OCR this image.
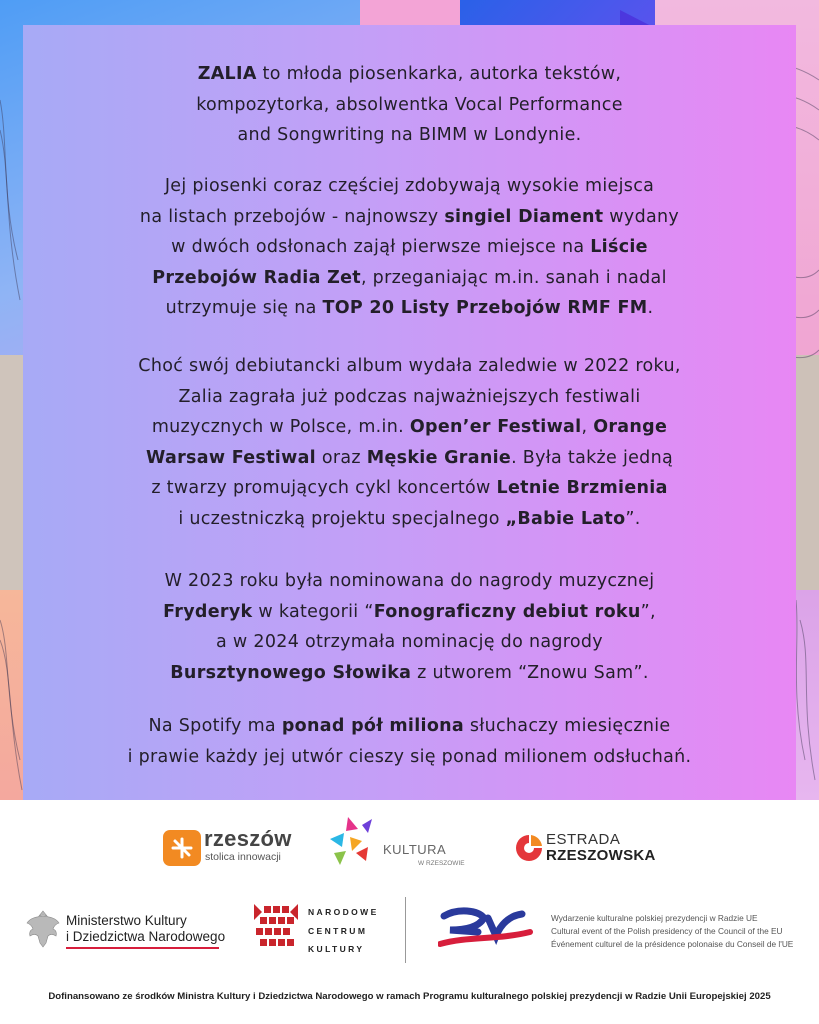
ZALIA to młoda piosenkarka, autorka tekstów,
kompozytorka, absolwentka Vocal Performance
and Songwriting na BIMM w Londynie.
Jej piosenki coraz częściej zdobywają wysokie miejsca
na listach przebojów - najnowszy singiel Diament wydany
w dwóch odsłonach zajął pierwsze miejsce na Liście
Przebojów Radia Zet, przeganiając m.in. sanah i nadal
utrzymuje się na TOP 20 Listy Przebojów RMF FM.
Choć swój debiutancki album wydała zaledwie w 2022 roku,
Zalia zagrała już podczas najważniejszych festiwali
muzycznych w Polsce, m.in. Open’er Festiwal, Orange
Warsaw Festiwal oraz Męskie Granie. Była także jedną
z twarzy promujących cykl koncertów Letnie Brzmienia
i uczestniczką projektu specjalnego „Babie Lato”.
W 2023 roku była nominowana do nagrody muzycznej
Fryderyk w kategorii “Fonograficzny debiut roku”,
a w 2024 otrzymała nominację do nagrody
Bursztynowego Słowika z utworem “Znowu Sam”.
Na Spotify ma ponad pół miliona słuchaczy miesięcznie
i prawie każdy jej utwór cieszy się ponad milionem odsłuchań.
rzeszów
stolica innowacji	KULTURA
W RZESZOWIE
ESTRADA
RZESZOWSKA
Ministerstwo Kultury
i Dziedzictwa Narodowego
NARODOWE
CENTRUM
KULTURY
Wydarzenie kulturalne polskiej prezydencji w Radzie UE
Cultural event of the Polish presidency of the Council of the EU
Événement culturel de la présidence polonaise du Conseil de l'UE
Dofinansowano ze środków Ministra Kultury i Dziedzictwa Narodowego w ramach Programu kulturalnego polskiej prezydencji w Radzie Unii Europejskiej 2025
